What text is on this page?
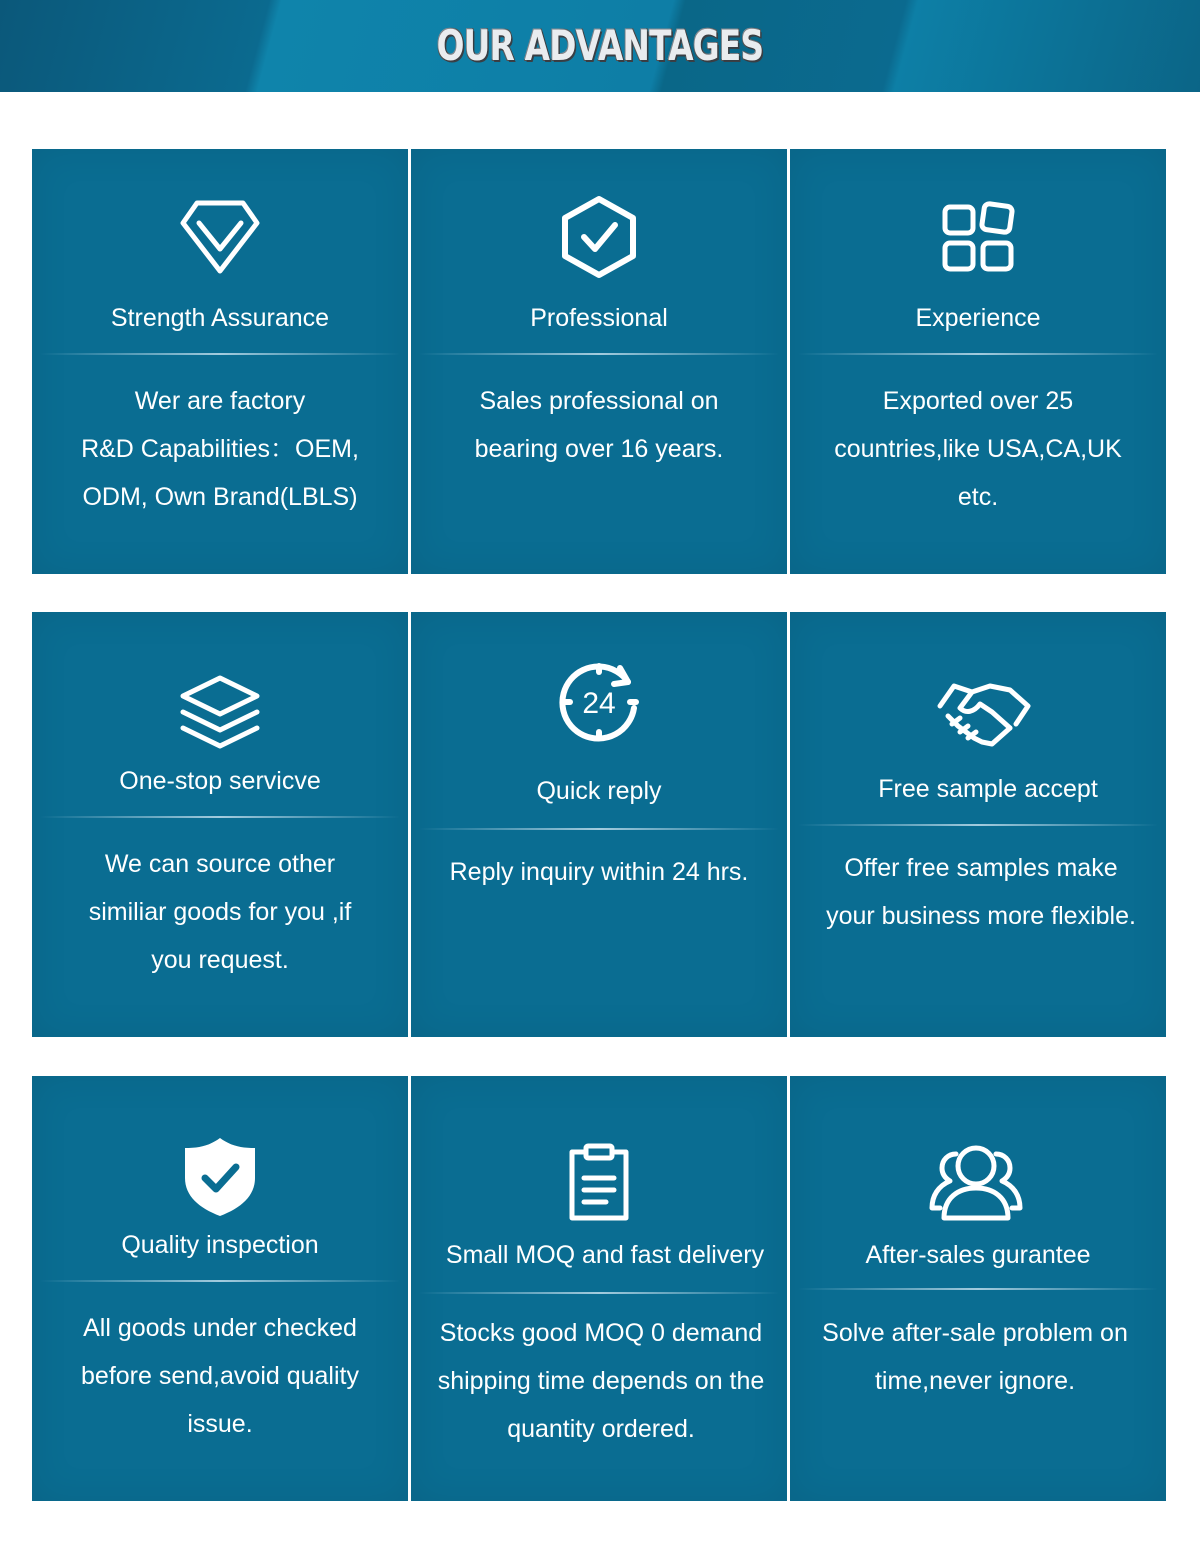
OUR ADVANTAGES
Strength Assurance
Wer are factory
R&D Capabilities：OEM,
ODM, Own Brand(LBLS)
Professional
Sales professional on
bearing over 16 years.
Experience
Exported over 25
countries,like USA,CA,UK
etc.
One-stop servicve
We can source other
similiar goods for you ,if
you request.
24
Quick reply
Reply inquiry within 24 hrs.
Free sample accept
Offer free samples make
your business more flexible.
Quality inspection
All goods under checked
before send,avoid quality
issue.
Small MOQ and fast delivery
Stocks good MOQ 0 demand
shipping time depends on the
quantity ordered.
After-sales gurantee
Solve after-sale problem on
time,never ignore.
